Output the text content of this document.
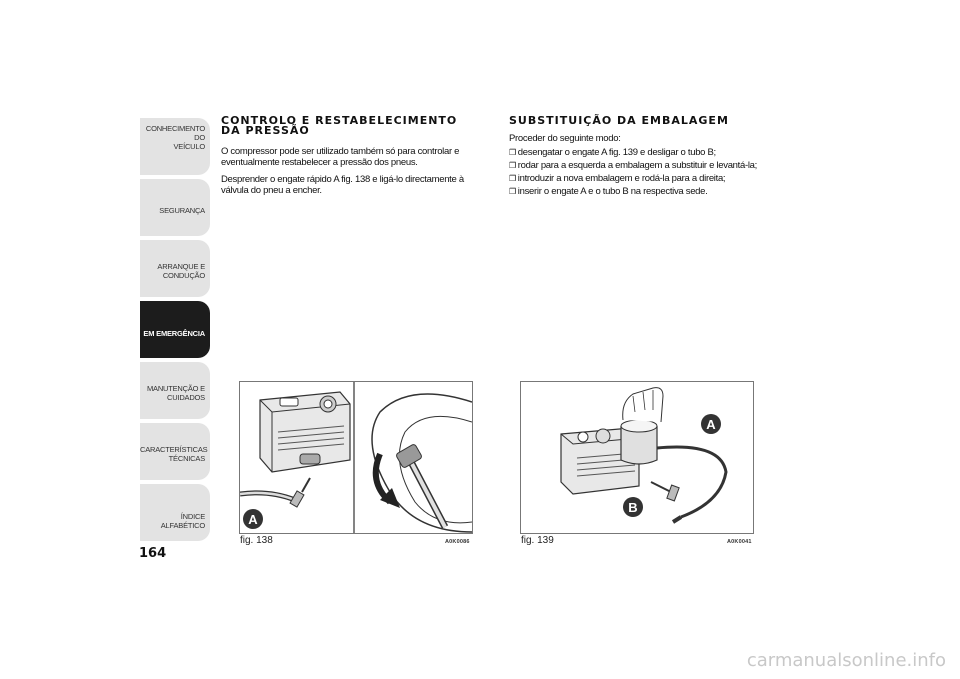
CONHECIMENTO DO
VEÍCULO
SEGURANÇA
ARRANQUE E
CONDUÇÃO
EM EMERGÊNCIA
MANUTENÇÃO E
CUIDADOS
CARACTERÍSTICAS
TÉCNICAS
ÍNDICE ALFABÉTICO
164
CONTROLO E RESTABELECIMENTO DA PRESSÃO

O compressor pode ser utilizado também só para controlar e eventualmente restabelecer a pressão dos pneus.

Desprender o engate rápido A fig. 138 e ligá-lo directamente à válvula do pneu a encher.

SUBSTITUIÇÃO DA EMBALAGEM

Proceder do seguinte modo:

❒ desengatar o engate A fig. 139 e desligar o tubo B;

❒ rodar para a esquerda a embalagem a substituir e levantá-la;

❒ introduzir a nova embalagem e rodá-la para a direita;

❒ inserir o engate A e o tubo B na respectiva sede.

A
fig. 138	A0K0086
A
B
fig. 139	A0K0041
carmanualsonline.info
